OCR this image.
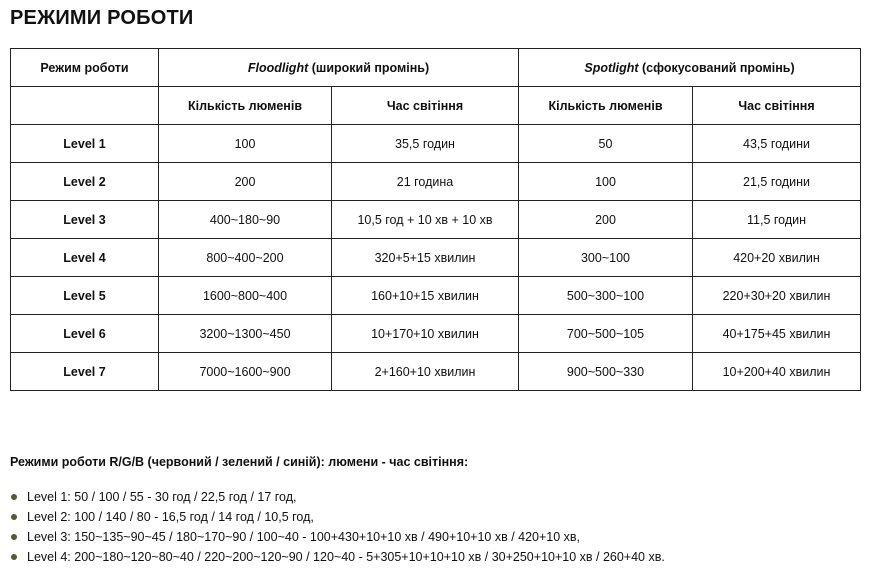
РЕЖИМИ РОБОТИ
Режим роботи	Floodlight (широкий промінь)		Spotlight (сфокусований промінь)	
	Кількість люменів	Час світіння	Кількість люменів	Час світіння
Level 1	100	35,5 годин	50	43,5 години
Level 2	200	21 година	100	21,5 години
Level 3	400~180~90	10,5 год + 10 хв + 10 хв	200	11,5 годин
Level 4	800~400~200	320+5+15 хвилин	300~100	420+20 хвилин
Level 5	1600~800~400	160+10+15 хвилин	500~300~100	220+30+20 хвилин
Level 6	3200~1300~450	10+170+10 хвилин	700~500~105	40+175+45 хвилин
Level 7	7000~1600~900	2+160+10 хвилин	900~500~330	10+200+40 хвилин
Режими роботи R/G/B (червоний / зелений / синій): люмени - час світіння:
Level 1: 50 / 100 / 55 - 30 год / 22,5 год / 17 год,
Level 2: 100 / 140 / 80 - 16,5 год / 14 год / 10,5 год,
Level 3: 150~135~90~45 / 180~170~90 / 100~40 - 100+430+10+10 хв / 490+10+10 хв / 420+10 хв,
Level 4: 200~180~120~80~40 / 220~200~120~90 / 120~40 - 5+305+10+10+10 хв / 30+250+10+10 хв / 260+40 хв.
